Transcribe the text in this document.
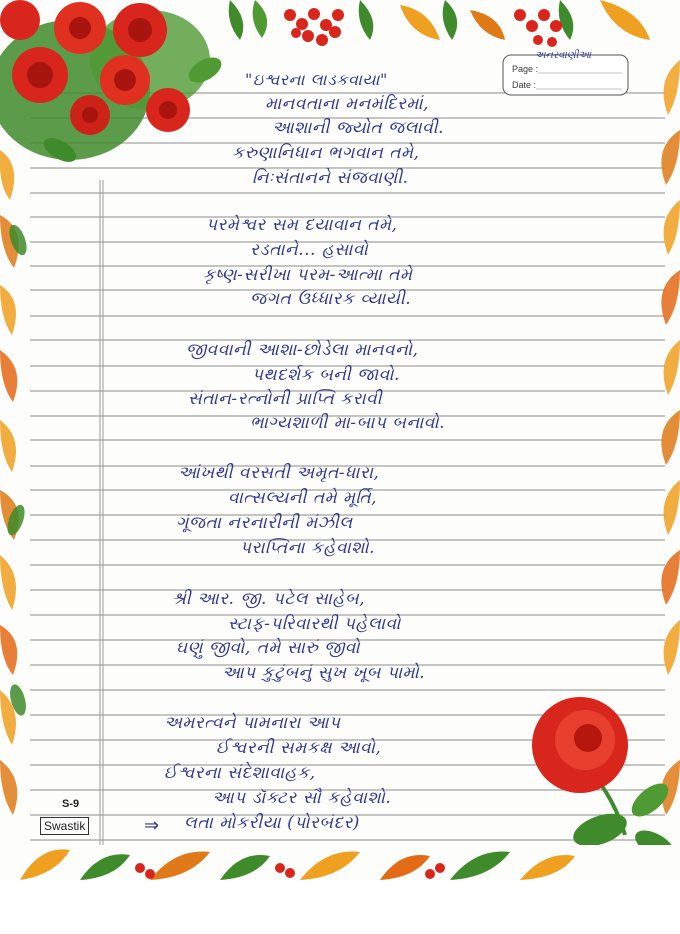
Page :
Date :
અનરવાણીઆ
"ઇશ્વરના લાડકવાયા"
માનવતાના મનમંદિરમાં,
આશાની જ્યોત જલાવી.
કરુણાનિધાન ભગવાન તમે,
નિઃસંતાનને સંજવાણી.
પરમેશ્વર સમ દયાવાન તમે,
રડતાને... હસાવો
કૃષ્ણ-સરીખા પરમ-આત્મા તમે
જગત ઉધ્ધારક વ્યાયી.
જીવવાની આશા-છોડેલા માનવનો,
પથદર્શક બની જાવો.
સંતાન-રત્નોની પ્રાપ્તિ કરાવી
ભાગ્યશાળી મા-બાપ બનાવો.
આંખથી વરસતી અમૃત-ધારા,
વાત્સલ્યની તમે મૂર્તિ,
ગૂંજતા નરનારીની મંઝીલ
પરાપ્તિના કહેવાશો.
શ્રી આર. જી. પટેલ સાહેબ,
સ્ટાફ-પરિવારથી પહેલાવો
ઘણું જીવો, તમે સારું જીવો
આપ કુટુંબનું સુખ ખૂબ પામો.
અમરત્વને પામનારા આપ
ઈશ્વરની સમકક્ષ આવો,
ઈશ્વરના સંદેશાવાહક,
આપ ડૉક્ટર સૌ કહેવાશો.
⇒ લતા મોકરીયા (પોરબંદર)
S-9
Swastik
